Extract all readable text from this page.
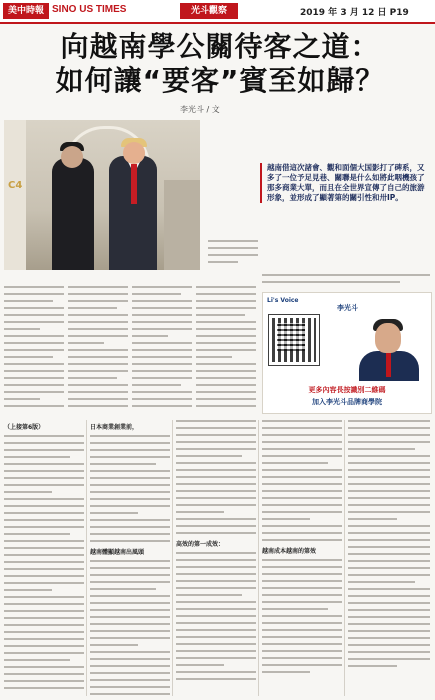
美中時報 SINO US TIMES	光斗觀察	2019 年 3 月 12 日 P19
向越南學公關待客之道：
如何讓“要客”賓至如歸？
李光斗 / 文
C4
越南借這次諸會、觀和面個大国影打了碑系，又多了一位予足見巷、關聯是什么如將此咽機孩了那多商業大單，而且在全世界宣傳了自己的旅游形象，並形成了顯著第的關引性和卅IP。
Li's Voice
李光斗
更多內容長按識別二維碼
加入李光斗品牌商學院
（上接第6版）	日本商業創業前，
越南體顯越南出風頭
高效的第一成效：
越南成本越南的第效
